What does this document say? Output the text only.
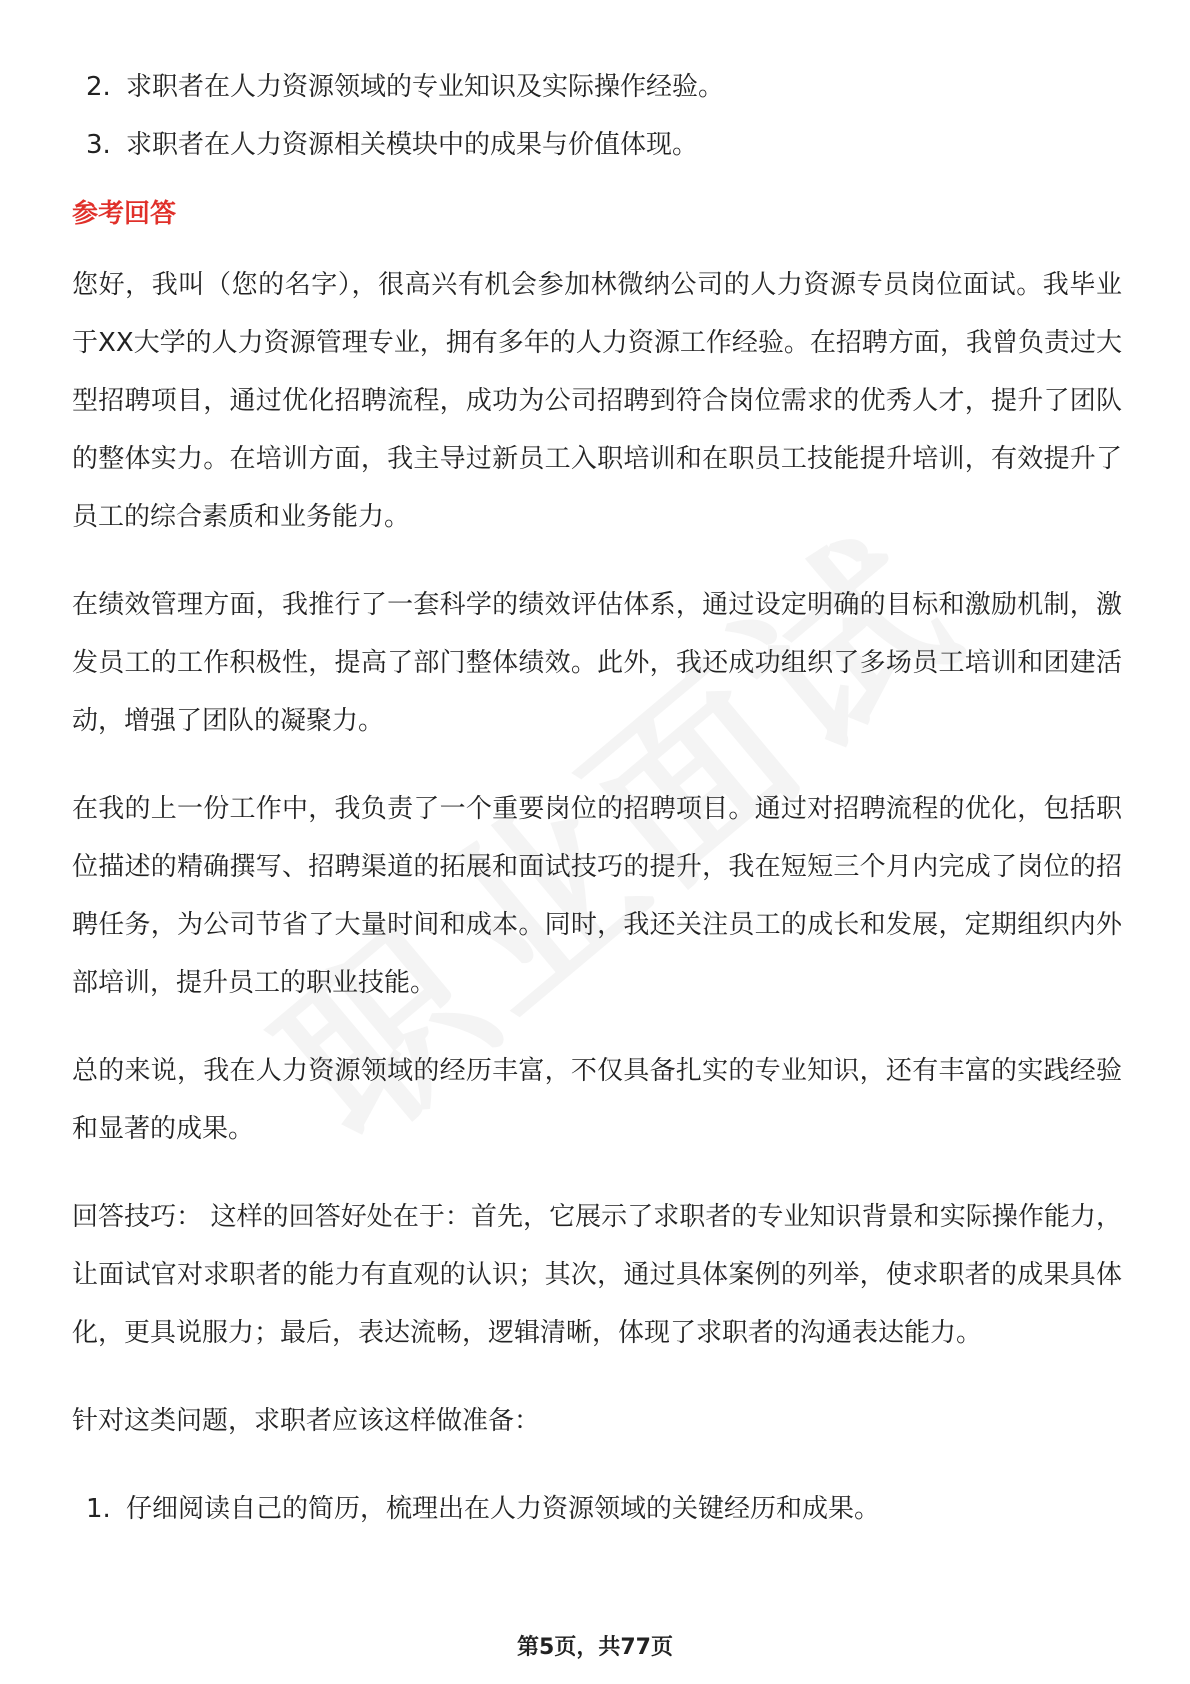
2. 求职者在人力资源领域的专业知识及实际操作经验。
3. 求职者在人力资源相关模块中的成果与价值体现。
参考回答

您好，我叫（您的名字），很高兴有机会参加林微纳公司的人力资源专员岗位面试。我毕业于XX大学的人力资源管理专业，拥有多年的人力资源工作经验。在招聘方面，我曾负责过大型招聘项目，通过优化招聘流程，成功为公司招聘到符合岗位需求的优秀人才，提升了团队的整体实力。在培训方面，我主导过新员工入职培训和在职员工技能提升培训，有效提升了员工的综合素质和业务能力。

在绩效管理方面，我推行了一套科学的绩效评估体系，通过设定明确的目标和激励机制，激发员工的工作积极性，提高了部门整体绩效。此外，我还成功组织了多场员工培训和团建活动，增强了团队的凝聚力。

在我的上一份工作中，我负责了一个重要岗位的招聘项目。通过对招聘流程的优化，包括职位描述的精确撰写、招聘渠道的拓展和面试技巧的提升，我在短短三个月内完成了岗位的招聘任务，为公司节省了大量时间和成本。同时，我还关注员工的成长和发展，定期组织内外部培训，提升员工的职业技能。

总的来说，我在人力资源领域的经历丰富，不仅具备扎实的专业知识，还有丰富的实践经验和显著的成果。

回答技巧： 这样的回答好处在于：首先，它展示了求职者的专业知识背景和实际操作能力，让面试官对求职者的能力有直观的认识；其次，通过具体案例的列举，使求职者的成果具体化，更具说服力；最后，表达流畅，逻辑清晰，体现了求职者的沟通表达能力。

针对这类问题，求职者应该这样做准备：

1. 仔细阅读自己的简历，梳理出在人力资源领域的关键经历和成果。
第5页，共77页
